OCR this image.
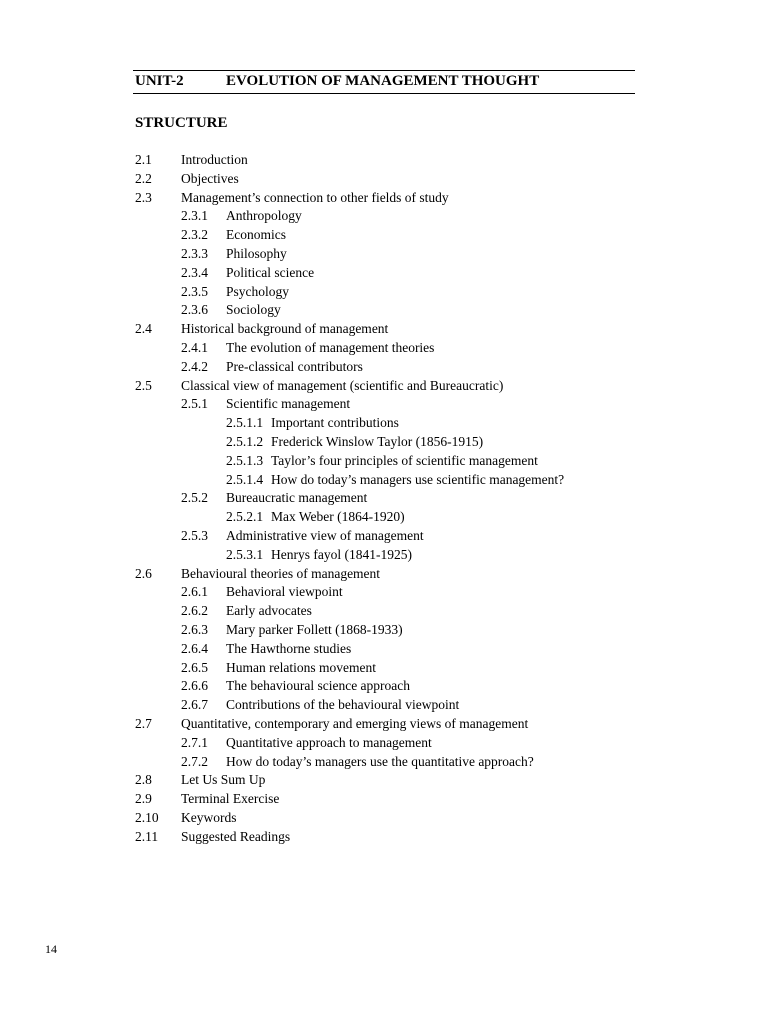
UNIT-2	EVOLUTION OF MANAGEMENT THOUGHT
STRUCTURE
2.1 Introduction
2.2 Objectives
2.3 Management’s connection to other fields of study
2.3.1 Anthropology
2.3.2 Economics
2.3.3 Philosophy
2.3.4 Political science
2.3.5 Psychology
2.3.6 Sociology
2.4 Historical background of management
2.4.1 The evolution of management theories
2.4.2 Pre-classical contributors
2.5 Classical view of management (scientific and Bureaucratic)
2.5.1 Scientific management
2.5.1.1 Important contributions
2.5.1.2 Frederick Winslow Taylor (1856-1915)
2.5.1.3 Taylor’s four principles of scientific management
2.5.1.4 How do today’s managers use scientific management?
2.5.2 Bureaucratic management
2.5.2.1 Max Weber (1864-1920)
2.5.3 Administrative view of management
2.5.3.1 Henrys fayol (1841-1925)
2.6 Behavioural theories of management
2.6.1 Behavioral viewpoint
2.6.2 Early advocates
2.6.3 Mary parker Follett (1868-1933)
2.6.4 The Hawthorne studies
2.6.5 Human relations movement
2.6.6 The behavioural science approach
2.6.7 Contributions of the behavioural viewpoint
2.7 Quantitative, contemporary and emerging views of management
2.7.1 Quantitative approach to management
2.7.2 How do today’s managers use the quantitative approach?
2.8 Let Us Sum Up
2.9 Terminal Exercise
2.10 Keywords
2.11 Suggested Readings
14
